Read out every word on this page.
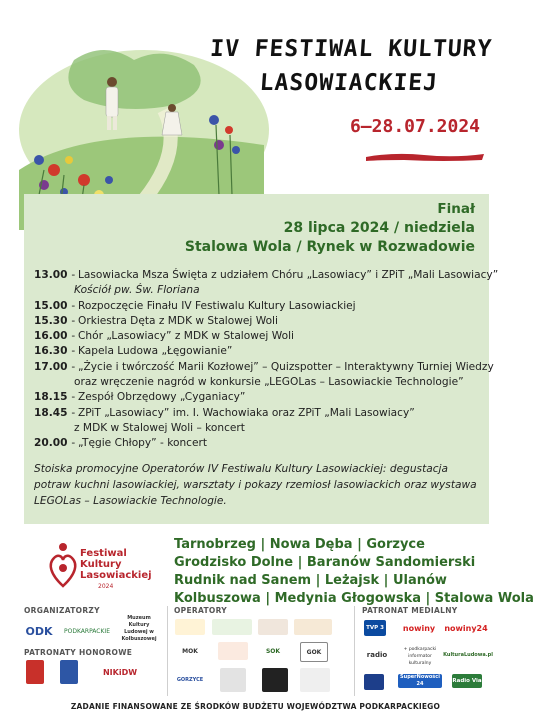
IV FESTIWAL KULTURY
LASOWIACKIEJ
6–28.07.2024
Finał
28 lipca 2024 / niedziela
Stalowa Wola / Rynek w Rozwadowie
13.00 - Lasowiacka Msza Święta z udziałem Chóru „Lasowiacy” i ZPiT „Mali Lasowiacy”
Kościół pw. Św. Floriana
15.00 - Rozpoczęcie Finału IV Festiwalu Kultury Lasowiackiej
15.30 - Orkiestra Dęta z MDK w Stalowej Woli
16.00 - Chór „Lasowiacy” z MDK w Stalowej Woli
16.30 - Kapela Ludowa „Łęgowianie”
17.00 - „Życie i twórczość Marii Kozłowej” – Quizspotter – Interaktywny Turniej Wiedzy
oraz wręczenie nagród w konkursie „LEGOLas – Lasowiackie Technologie”
18.15 - Zespół Obrzędowy „Cyganiacy”
18.45 - ZPiT „Lasowiacy” im. I. Wachowiaka oraz ZPiT „Mali Lasowiacy”
z MDK w Stalowej Woli – koncert
20.00 - „Tęgie Chłopy” - koncert
Stoiska promocyjne Operatorów IV Festiwalu Kultury Lasowiackiej: degustacja potraw kuchni lasowiackiej, warsztaty i pokazy rzemiosł lasowiackich oraz wystawa LEGOLas – Lasowiackie Technologie.
Festiwal
Kultury
Lasowiackiej
2024
Tarnobrzeg | Nowa Dęba | Gorzyce
Grodzisko Dolne | Baranów Sandomierski
Rudnik nad Sanem | Leżajsk | Ulanów
Kolbuszowa | Medynia Głogowska | Stalowa Wola
ORGANIZATORZY	OPERATORY	PATRONAT MEDIALNY
PATRONATY HONOROWE
ODK	PODKARPACKIE
Muzeum Kultury Ludowej w Kolbuszowej
NIKiDW
MOK	SOK	GOK
GORZYCE
TVP 3 nowiny nowiny24
radio
+ podkarpacki informator kulturalny
KulturaLudowa.pl
SuperNowości 24
Radio Via
ZADANIE FINANSOWANE ZE ŚRODKÓW BUDŻETU WOJEWÓDZTWA PODKARPACKIEGO
